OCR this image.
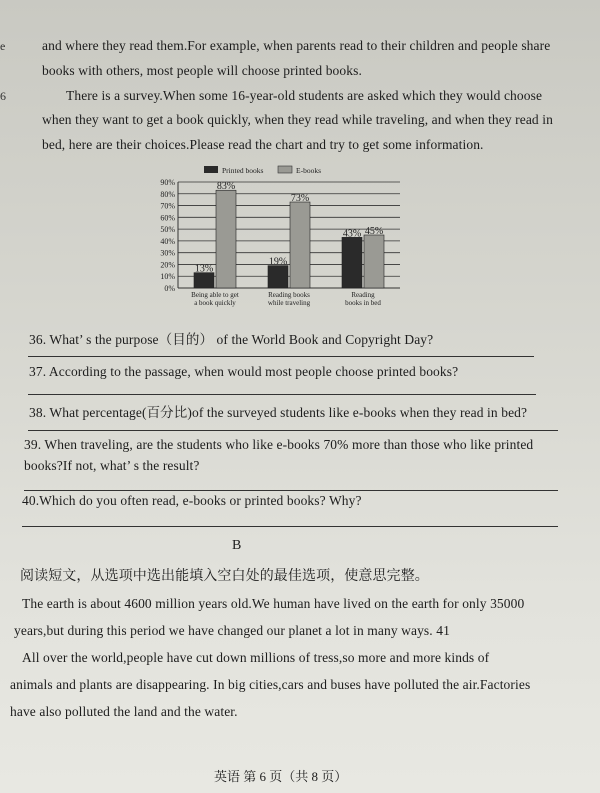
e
6
and where they read them.For example, when parents read to their children and people share
books with others, most people will choose printed books.
There is a survey.When some 16-year-old students are asked which they would choose
when they want to get a book quickly, when they read while traveling, and when they read in
bed, here are their choices.Please read the chart and try to get some information.
Printed books	E-books
0%
10%
20%
30%
40%
50%
60%
70%
80%
90%
13%
83%
Being able to get
a book quickly
19%
73%
Reading books
while traveling
43% 45%
Reading
books in bed
36. What’ s the purpose（目的） of the World Book and Copyright Day?
37. According to the passage, when would most people choose printed books?
38. What percentage(百分比)of the surveyed students like e-books when they read in bed?
39. When traveling, are the students who like e-books 70% more than those who like printed
books?If not, what’ s the result?
40.Which do you often read, e-books or printed books? Why?
B
阅读短文，从选项中选出能填入空白处的最佳选项，使意思完整。
The earth is about 4600 million years old.We human have lived on the earth for only 35000
years,but during this period we have changed our planet a lot in many ways. 41
All over the world,people have cut down millions of tress,so more and more kinds of
animals and plants are disappearing. In big cities,cars and buses have polluted the air.Factories
have also polluted the land and the water.
英语 第 6 页（共 8 页）
